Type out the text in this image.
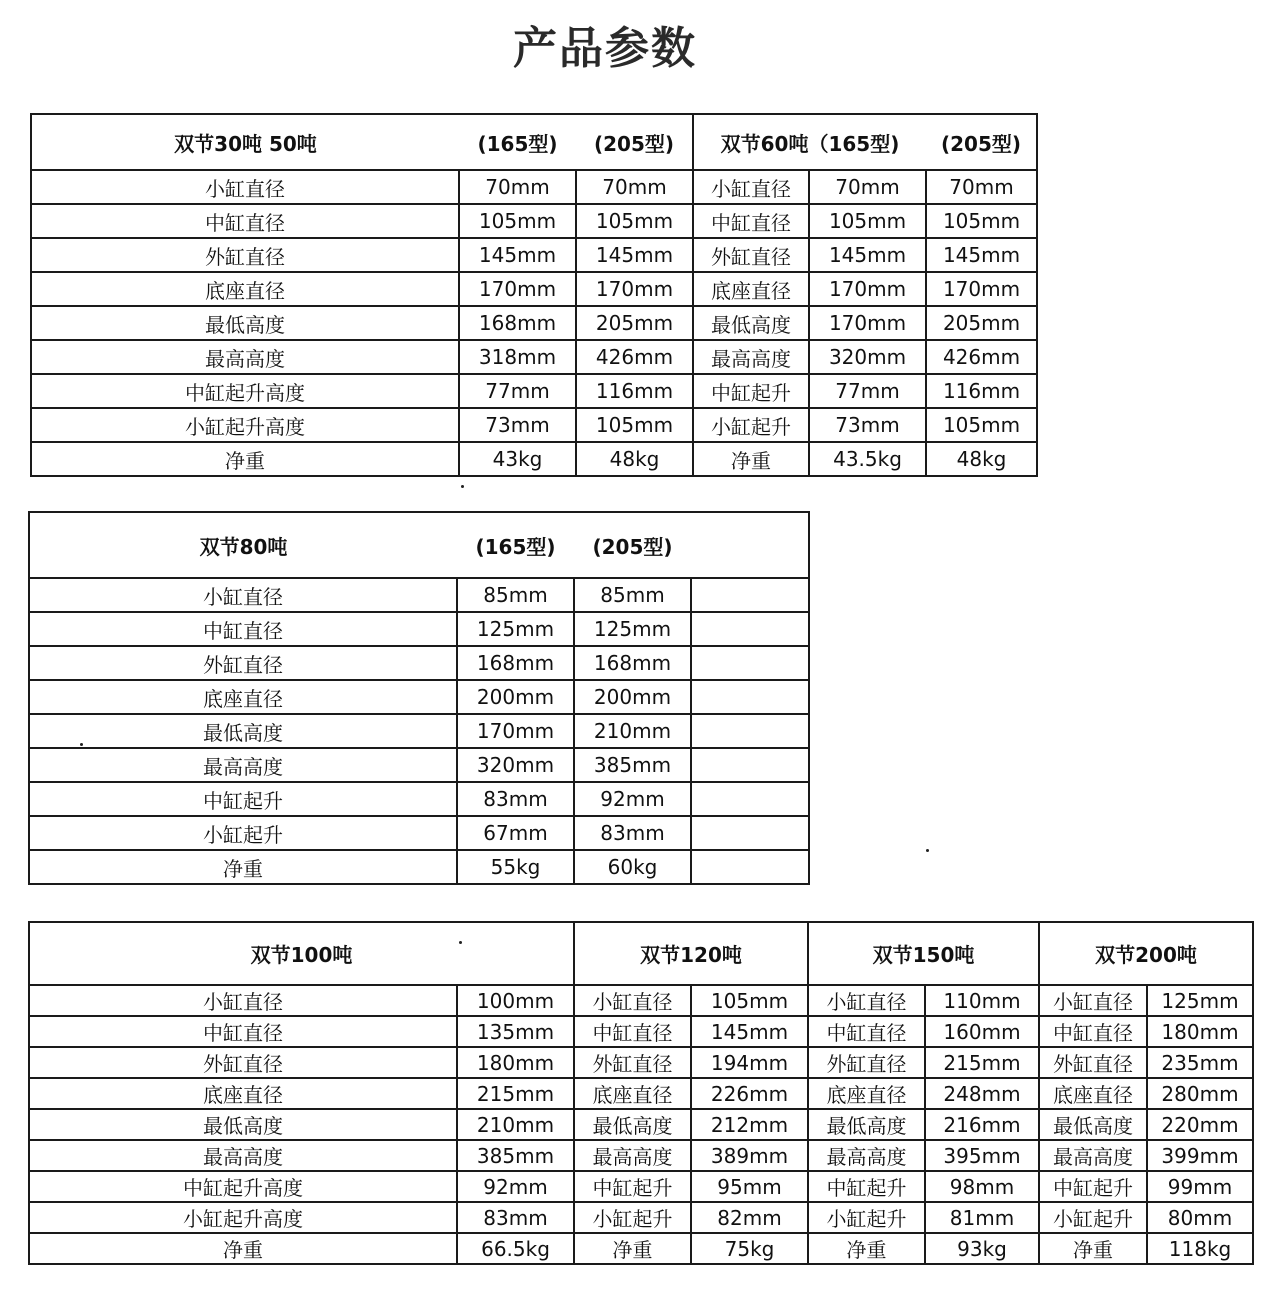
产品参数
双节30吨 50吨	(165型)	(205型)	双节60吨（165型)		(205型)
小缸直径	70mm	70mm	小缸直径	70mm	70mm
中缸直径	105mm	105mm	中缸直径	105mm	105mm
外缸直径	145mm	145mm	外缸直径	145mm	145mm
底座直径	170mm	170mm	底座直径	170mm	170mm
最低高度	168mm	205mm	最低高度	170mm	205mm
最高高度	318mm	426mm	最高高度	320mm	426mm
中缸起升高度	77mm	116mm	中缸起升	77mm	116mm
小缸起升高度	73mm	105mm	小缸起升	73mm	105mm
净重	43kg	48kg	净重	43.5kg	48kg
双节80吨	(165型)	(205型)	
小缸直径	85mm	85mm	
中缸直径	125mm	125mm	
外缸直径	168mm	168mm	
底座直径	200mm	200mm	
最低高度	170mm	210mm	
最高高度	320mm	385mm	
中缸起升	83mm	92mm	
小缸起升	67mm	83mm	
净重	55kg	60kg	
双节100吨		双节120吨		双节150吨		双节200吨	
小缸直径	100mm	小缸直径	105mm	小缸直径	110mm	小缸直径	125mm
中缸直径	135mm	中缸直径	145mm	中缸直径	160mm	中缸直径	180mm
外缸直径	180mm	外缸直径	194mm	外缸直径	215mm	外缸直径	235mm
底座直径	215mm	底座直径	226mm	底座直径	248mm	底座直径	280mm
最低高度	210mm	最低高度	212mm	最低高度	216mm	最低高度	220mm
最高高度	385mm	最高高度	389mm	最高高度	395mm	最高高度	399mm
中缸起升高度	92mm	中缸起升	95mm	中缸起升	98mm	中缸起升	99mm
小缸起升高度	83mm	小缸起升	82mm	小缸起升	81mm	小缸起升	80mm
净重	66.5kg	净重	75kg	净重	93kg	净重	118kg
